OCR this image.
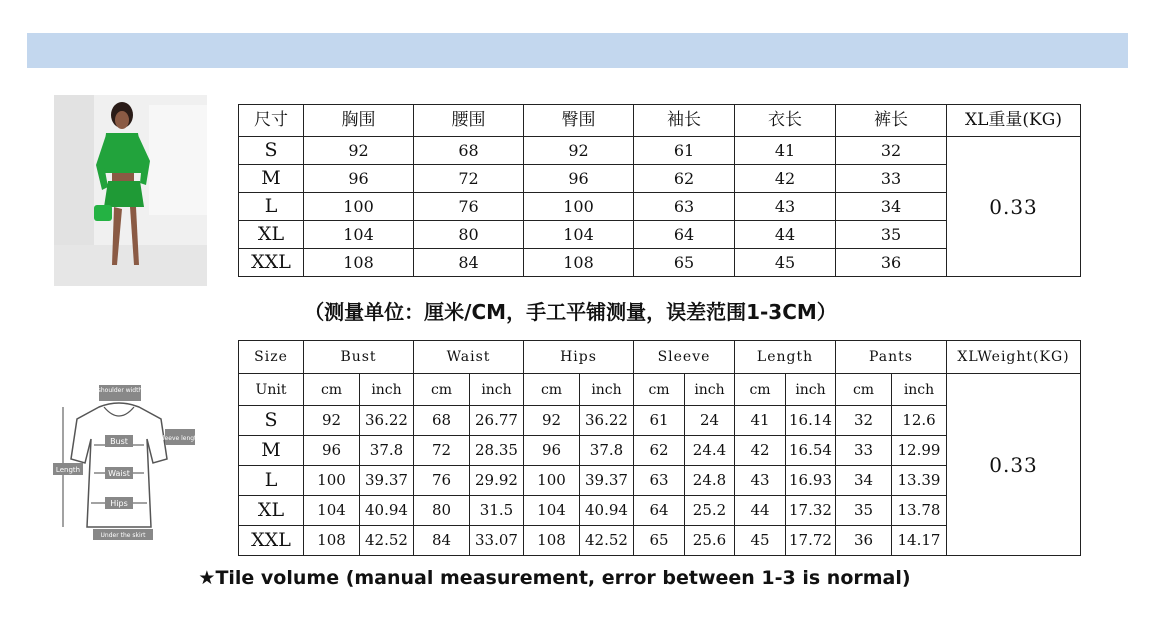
尺寸	胸围	腰围	臀围	袖长	衣长	裤长	XL重量(KG)
S	92	68	92	61	41	32	0.33
M	96	72	96	62	42	33	
L	100	76	100	63	43	34	
XL	104	80	104	64	44	35	
XXL	108	84	108	65	45	36	
（测量单位：厘米/CM，手工平铺测量，误差范围1-3CM）
shoulder width
Bust
Waist
Hips
Under the skirt
Length
sleeve length
Size	Bust		Waist		Hips		Sleeve		Length		Pants		XLWeight(KG)
Unit	cm	inch	cm	inch	cm	inch	cm	inch	cm	inch	cm	inch	0.33
S	92	36.22	68	26.77	92	36.22	61	24	41	16.14	32	12.6	
M	96	37.8	72	28.35	96	37.8	62	24.4	42	16.54	33	12.99	
L	100	39.37	76	29.92	100	39.37	63	24.8	43	16.93	34	13.39	
XL	104	40.94	80	31.5	104	40.94	64	25.2	44	17.32	35	13.78	
XXL	108	42.52	84	33.07	108	42.52	65	25.6	45	17.72	36	14.17	
★Tile volume (manual measurement, error between 1-3 is normal)
